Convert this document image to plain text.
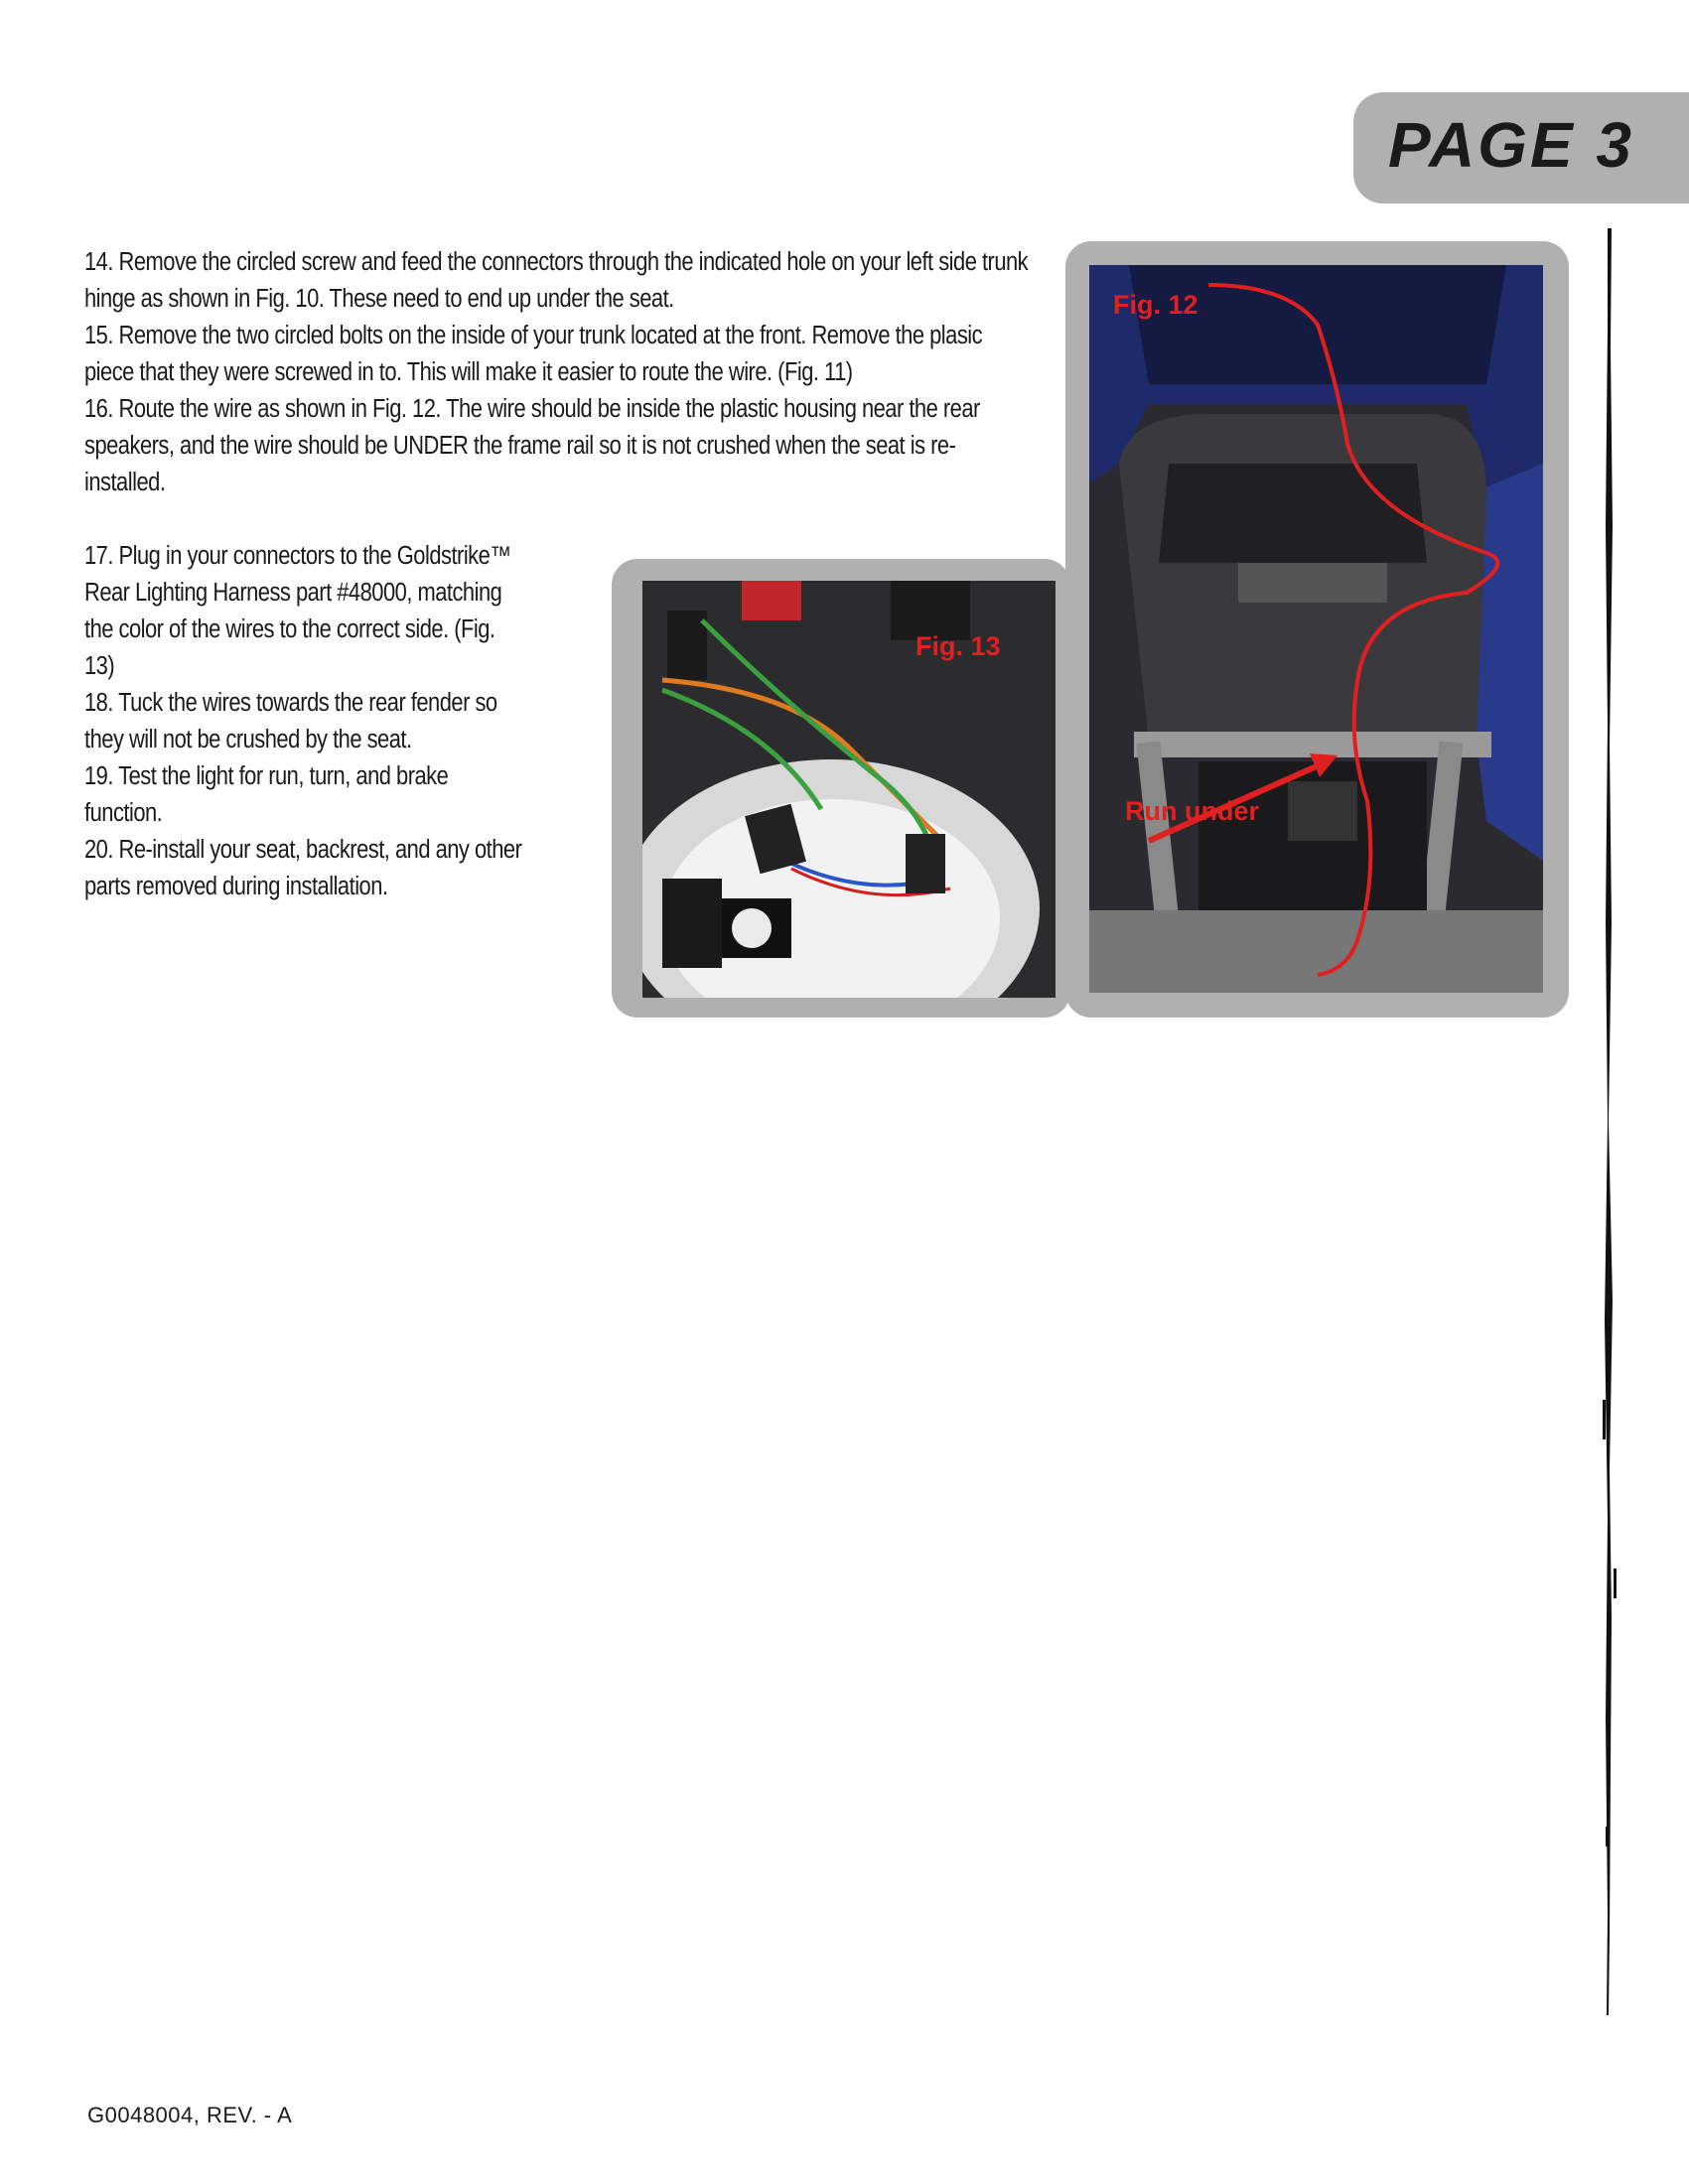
PAGE 3

14. Remove the circled screw and feed the connectors through the indicated hole on your left side trunk hinge as shown in Fig. 10. These need to end up under the seat.

15. Remove the two circled bolts on the inside of your trunk located at the front. Remove the plasic piece that they were screwed in to. This will make it easier to route the wire. (Fig. 11)

16. Route the wire as shown in Fig. 12. The wire should be inside the plastic housing near the rear speakers, and the wire should be UNDER the frame rail so it is not crushed when the seat is re-installed.

17. Plug in your connectors to the Goldstrike™ Rear Lighting Harness part #48000, matching the color of the wires to the correct side. (Fig. 13)

18. Tuck the wires towards the rear fender so they will not be crushed by the seat.

19. Test the light for run, turn, and brake function.

20. Re-install your seat, backrest, and any other parts removed during installation.

Fig. 12
Run under
Fig. 13
G0048004, REV. - A
